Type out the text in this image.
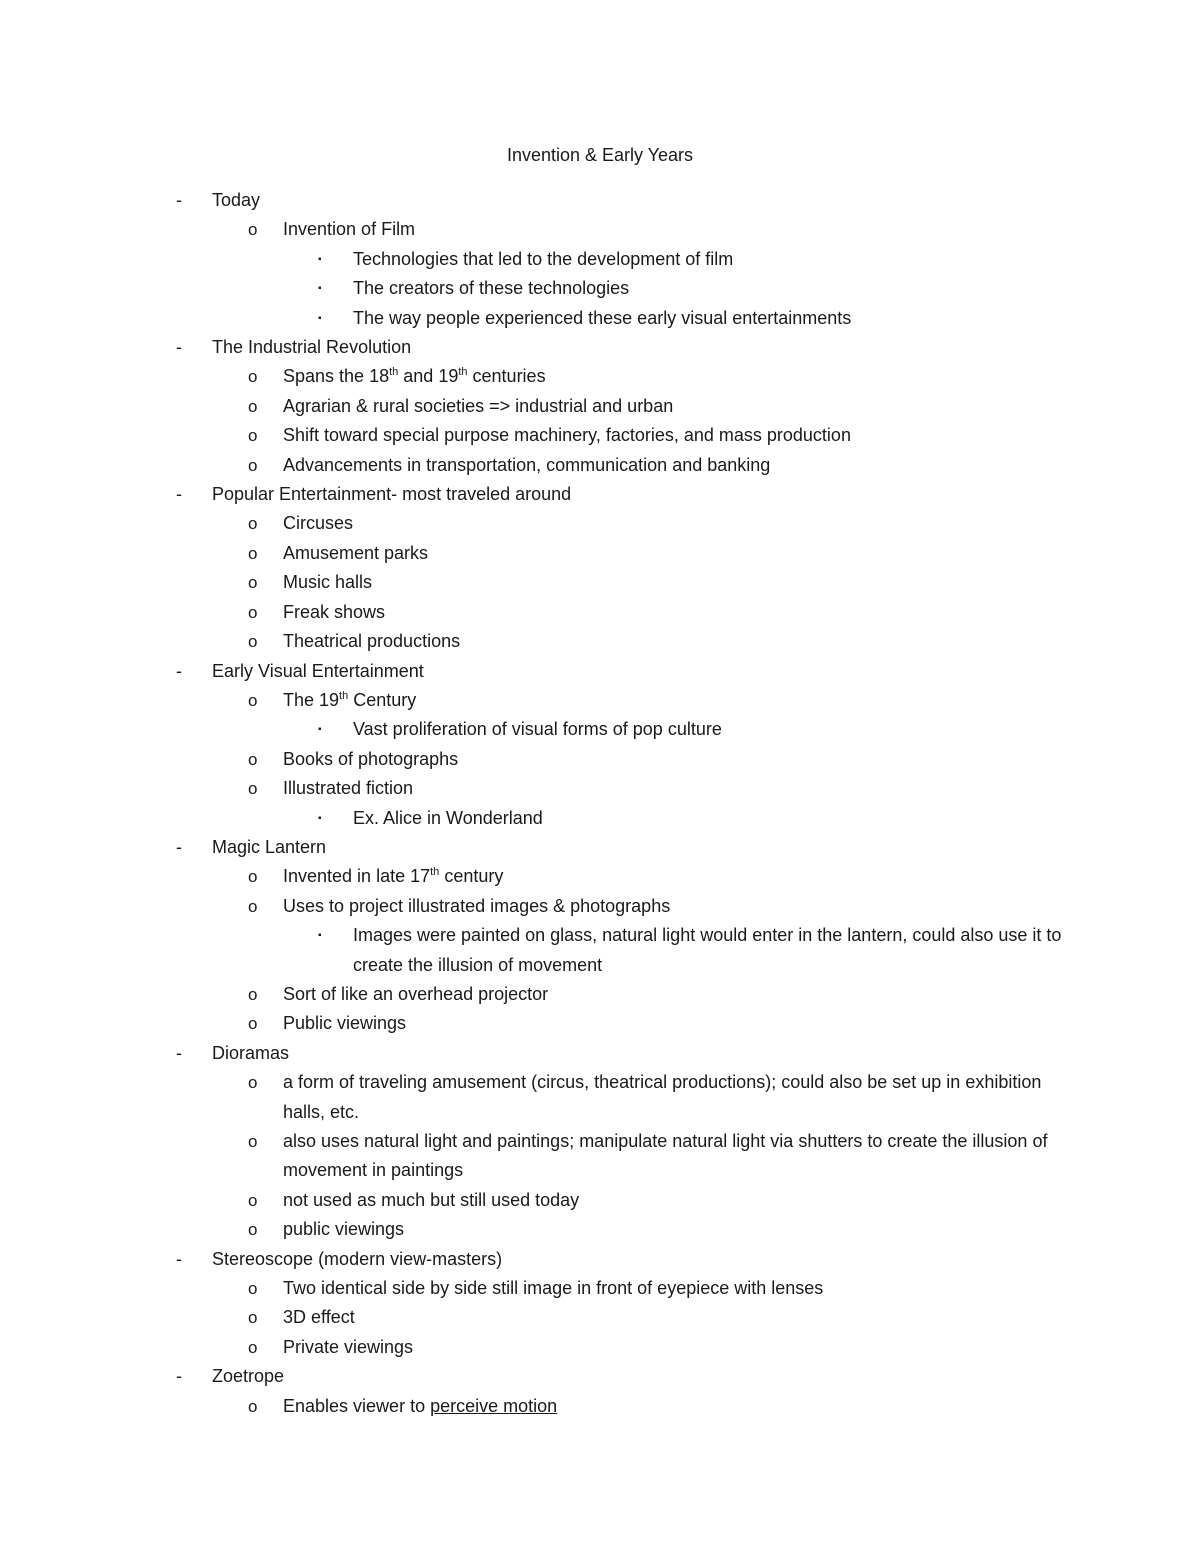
Invention & Early Years
- Today
o Invention of Film
▪ Technologies that led to the development of film
▪ The creators of these technologies
▪ The way people experienced these early visual entertainments
- The Industrial Revolution
o Spans the 18th and 19th centuries
o Agrarian & rural societies => industrial and urban
o Shift toward special purpose machinery, factories, and mass production
o Advancements in transportation, communication and banking
- Popular Entertainment- most traveled around
o Circuses
o Amusement parks
o Music halls
o Freak shows
o Theatrical productions
- Early Visual Entertainment
o The 19th Century
▪ Vast proliferation of visual forms of pop culture
o Books of photographs
o Illustrated fiction
▪ Ex. Alice in Wonderland
- Magic Lantern
o Invented in late 17th century
o Uses to project illustrated images & photographs
▪ Images were painted on glass, natural light would enter in the lantern, could also use it to create the illusion of movement
o Sort of like an overhead projector
o Public viewings
- Dioramas
o a form of traveling amusement (circus, theatrical productions); could also be set up in exhibition halls, etc.
o also uses natural light and paintings; manipulate natural light via shutters to create the illusion of movement in paintings
o not used as much but still used today
o public viewings
- Stereoscope (modern view-masters)
o Two identical side by side still image in front of eyepiece with lenses
o 3D effect
o Private viewings
- Zoetrope
o Enables viewer to perceive motion
